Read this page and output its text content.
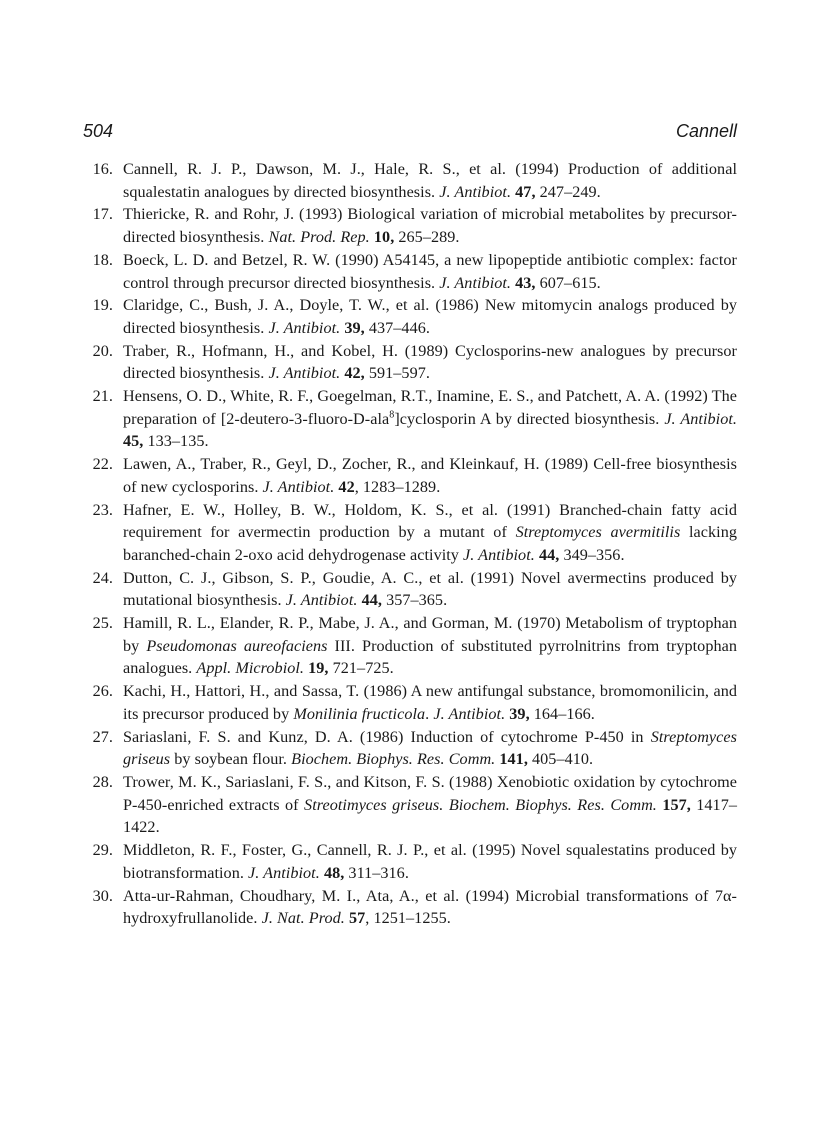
504	Cannell
16. Cannell, R. J. P., Dawson, M. J., Hale, R. S., et al. (1994) Production of additional squalestatin analogues by directed biosynthesis. J. Antibiot. 47, 247–249.
17. Thiericke, R. and Rohr, J. (1993) Biological variation of microbial metabolites by precursor-directed biosynthesis. Nat. Prod. Rep. 10, 265–289.
18. Boeck, L. D. and Betzel, R. W. (1990) A54145, a new lipopeptide antibiotic complex: factor control through precursor directed biosynthesis. J. Antibiot. 43, 607–615.
19. Claridge, C., Bush, J. A., Doyle, T. W., et al. (1986) New mitomycin analogs produced by directed biosynthesis. J. Antibiot. 39, 437–446.
20. Traber, R., Hofmann, H., and Kobel, H. (1989) Cyclosporins-new analogues by precursor directed biosynthesis. J. Antibiot. 42, 591–597.
21. Hensens, O. D., White, R. F., Goegelman, R.T., Inamine, E. S., and Patchett, A. A. (1992) The preparation of [2-deutero-3-fluoro-D-ala$^8$]cyclosporin A by directed biosynthesis. J. Antibiot. 45, 133–135.
22. Lawen, A., Traber, R., Geyl, D., Zocher, R., and Kleinkauf, H. (1989) Cell-free biosynthesis of new cyclosporins. J. Antibiot. 42, 1283–1289.
23. Hafner, E. W., Holley, B. W., Holdom, K. S., et al. (1991) Branched-chain fatty acid requirement for avermectin production by a mutant of Streptomyces avermitilis lacking baranched-chain 2-oxo acid dehydrogenase activity J. Antibiot. 44, 349–356.
24. Dutton, C. J., Gibson, S. P., Goudie, A. C., et al. (1991) Novel avermectins produced by mutational biosynthesis. J. Antibiot. 44, 357–365.
25. Hamill, R. L., Elander, R. P., Mabe, J. A., and Gorman, M. (1970) Metabolism of tryptophan by Pseudomonas aureofaciens III. Production of substituted pyrrolnitrins from tryptophan analogues. Appl. Microbiol. 19, 721–725.
26. Kachi, H., Hattori, H., and Sassa, T. (1986) A new antifungal substance, bromomonilicin, and its precursor produced by Monilinia fructicola. J. Antibiot. 39, 164–166.
27. Sariaslani, F. S. and Kunz, D. A. (1986) Induction of cytochrome P-450 in Streptomyces griseus by soybean flour. Biochem. Biophys. Res. Comm. 141, 405–410.
28. Trower, M. K., Sariaslani, F. S., and Kitson, F. S. (1988) Xenobiotic oxidation by cytochrome P-450-enriched extracts of Streotimyces griseus. Biochem. Biophys. Res. Comm. 157, 1417–1422.
29. Middleton, R. F., Foster, G., Cannell, R. J. P., et al. (1995) Novel squalestatins produced by biotransformation. J. Antibiot. 48, 311–316.
30. Atta-ur-Rahman, Choudhary, M. I., Ata, A., et al. (1994) Microbial transformations of 7α-hydroxyfrullanolide. J. Nat. Prod. 57, 1251–1255.
